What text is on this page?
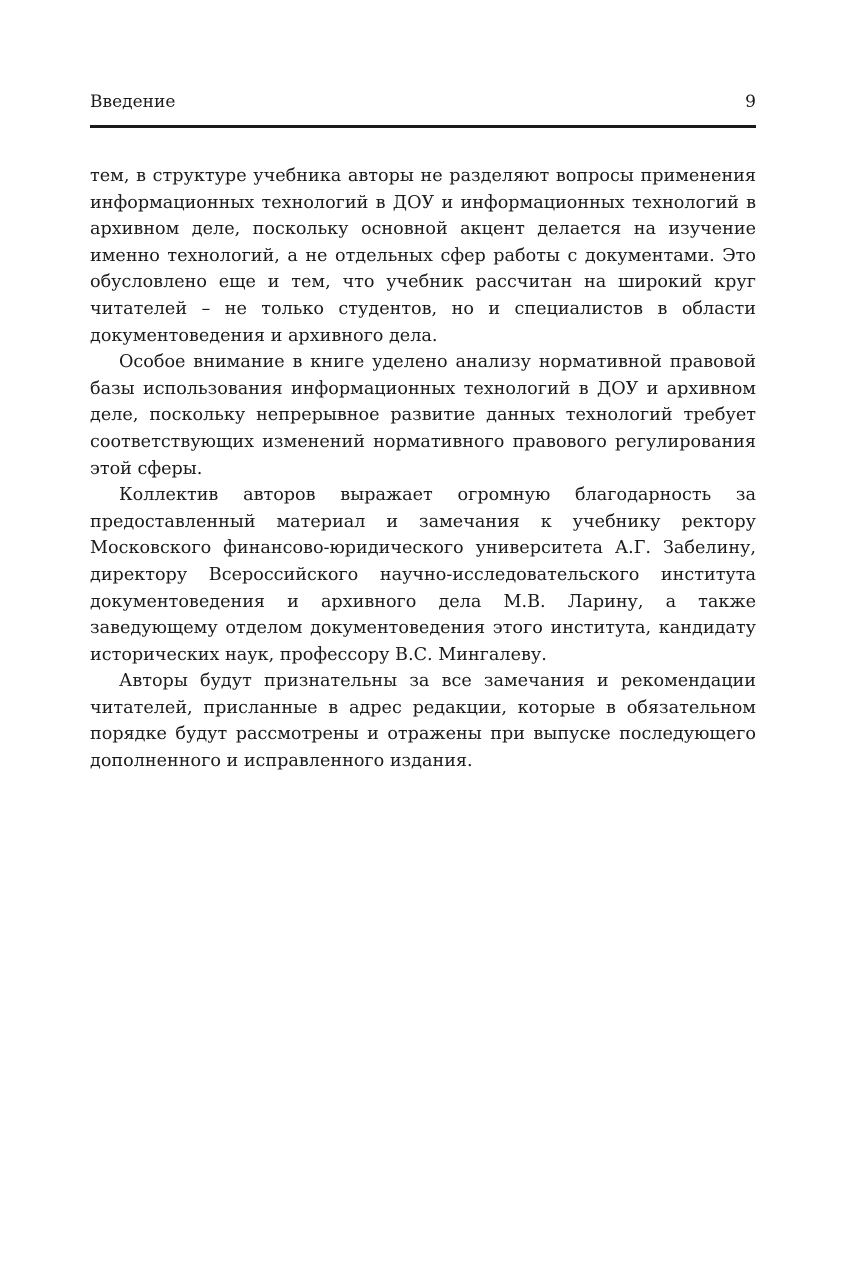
Введение	9

тем, в структуре учебника авторы не разделяют вопросы применения информационных технологий в ДОУ и информационных технологий в архивном деле, поскольку основной акцент делается на изучение именно технологий, а не отдельных сфер работы с документами. Это обусловлено еще и тем, что учебник рассчитан на широкий круг читателей – не только студентов, но и специалистов в области документоведения и архивного дела.

Особое внимание в книге уделено анализу нормативной правовой базы использования информационных технологий в ДОУ и архивном деле, поскольку непрерывное развитие данных технологий требует соответствующих изменений нормативного правового регулирования этой сферы.

Коллектив авторов выражает огромную благодарность за предоставленный материал и замечания к учебнику ректору Московского финансово-юридического университета А.Г. Забелину, директору Всероссийского научно-исследовательского института документоведения и архивного дела М.В. Ларину, а также заведующему отделом документоведения этого института, кандидату исторических наук, профессору В.С. Мингалеву.

Авторы будут признательны за все замечания и рекомендации читателей, присланные в адрес редакции, которые в обязательном порядке будут рассмотрены и отражены при выпуске последующего дополненного и исправленного издания.
